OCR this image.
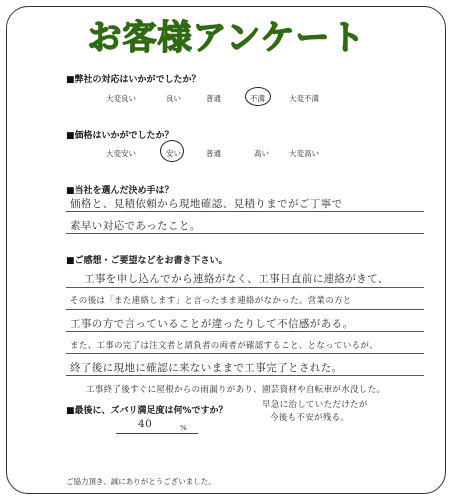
お客様アンケート
■弊社の対応はいかがでしたか？
大変良い	良い	普通	不満	大変不満
■価格はいかがでしたか？
大変安い	安い	普通	高い	大変高い
■当社を選んだ決め手は？
価格と、見積依頼から現地確認、見積りまでがご丁寧で
素早い対応であったこと。
■ご感想・ご要望などをお書き下さい。
工事を申し込んでから連絡がなく、工事日直前に連絡がきて、
その後は「また連絡します」と言ったまま連絡がなかった。営業の方と
工事の方で言っていることが違ったりして不信感がある。
また、工事の完了は注文者と請負者の両者が確認すること、となっているが、
終了後に現地に確認に来ないままで工事完了とされた。
工事終了後すぐに屋根からの雨漏りがあり、園芸資材や自転車が水没した。
早急に治していただけたが
今後も不安が残る。
■最後に、ズバリ満足度は何%ですか？
40	%
ご協力頂き、誠にありがとうございました。
